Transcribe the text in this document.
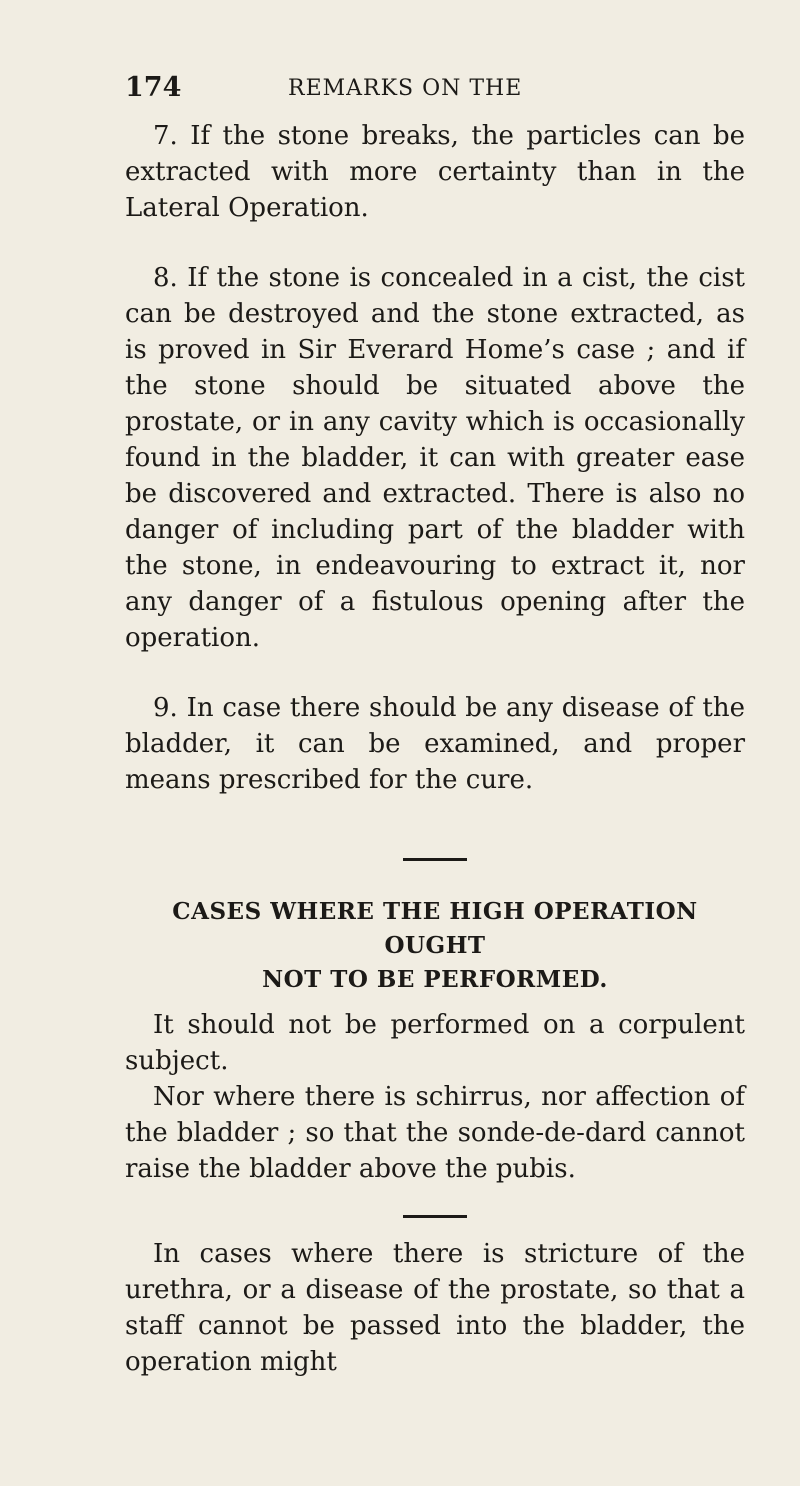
174	REMARKS ON THE

7. If the stone breaks, the particles can be extracted with more certainty than in the Lateral Operation.

8. If the stone is concealed in a cist, the cist can be destroyed and the stone extracted, as is proved in Sir Everard Home’s case ; and if the stone should be situated above the prostate, or in any cavity which is occasionally found in the bladder, it can with greater ease be discovered and extracted. There is also no danger of including part of the bladder with the stone, in endeavouring to extract it, nor any danger of a fistulous opening after the operation.

9. In case there should be any disease of the bladder, it can be examined, and proper means prescribed for the cure.

CASES WHERE THE HIGH OPERATION OUGHT
NOT TO BE PERFORMED.

It should not be performed on a corpulent subject.

Nor where there is schirrus, nor affection of the bladder ; so that the sonde-de-dard cannot raise the bladder above the pubis.

In cases where there is stricture of the urethra, or a disease of the prostate, so that a staff cannot be passed into the bladder, the operation might
